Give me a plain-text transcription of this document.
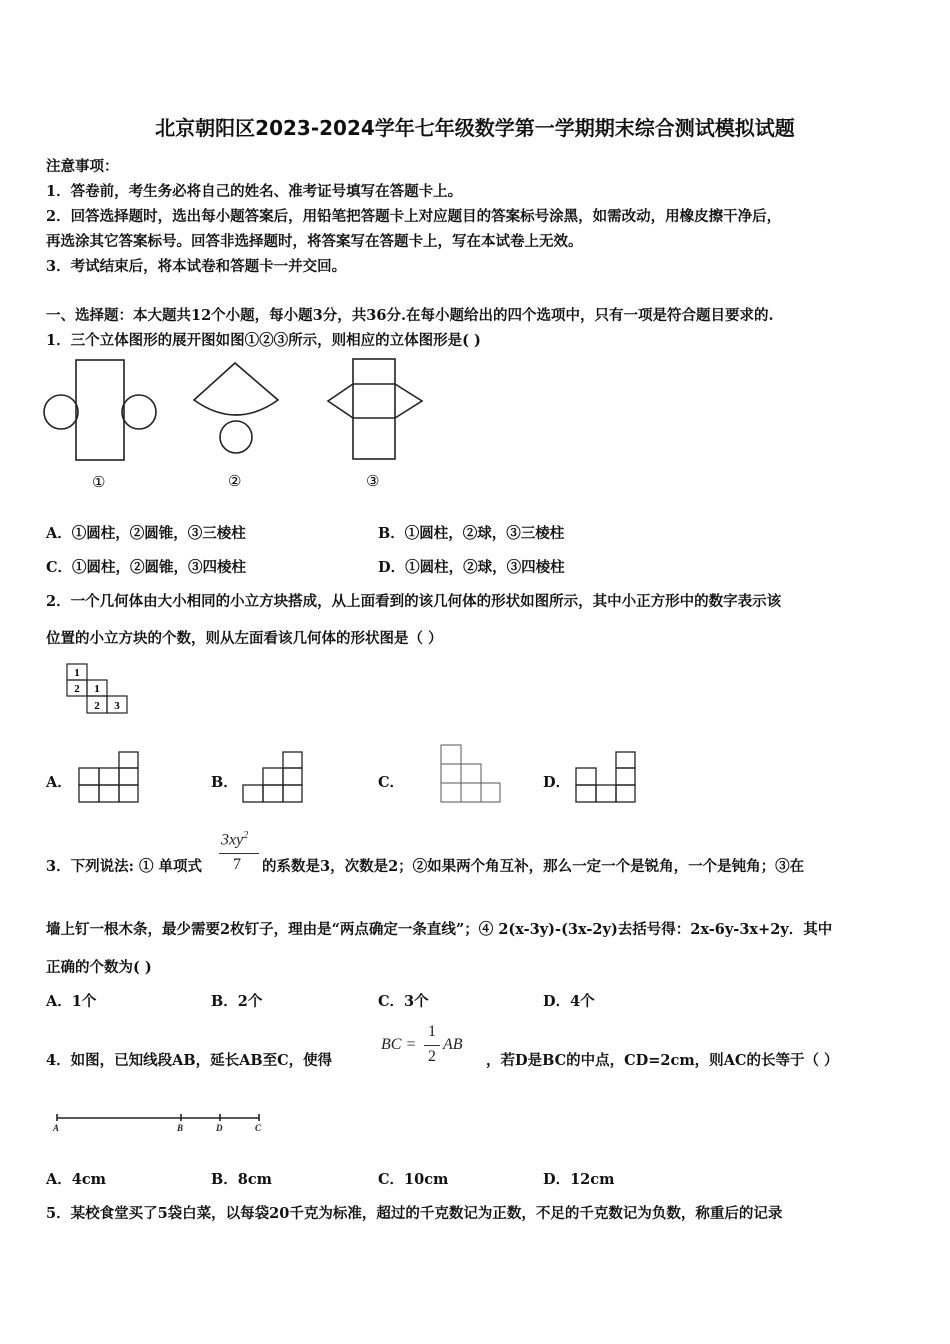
北京朝阳区2023-2024学年七年级数学第一学期期末综合测试模拟试题
注意事项：
1．答卷前，考生务必将自己的姓名、准考证号填写在答题卡上。
2．回答选择题时，选出每小题答案后，用铅笔把答题卡上对应题目的答案标号涂黑，如需改动，用橡皮擦干净后，
再选涂其它答案标号。回答非选择题时，将答案写在答题卡上，写在本试卷上无效。
3．考试结束后，将本试卷和答题卡一并交回。
一、选择题：本大题共12个小题，每小题3分，共36分.在每小题给出的四个选项中，只有一项是符合题目要求的.
1．三个立体图形的展开图如图①②③所示，则相应的立体图形是( )
①	②	③
A．①圆柱，②圆锥，③三棱柱	B．①圆柱，②球，③三棱柱
C．①圆柱，②圆锥，③四棱柱	D．①圆柱，②球，③四棱柱
2．一个几何体由大小相同的小立方块搭成，从上面看到的该几何体的形状如图所示，其中小正方形中的数字表示该
位置的小立方块的个数，则从左面看该几何体的形状图是（ ）
1
2 1
2 3
A．	B．	C．	D．
3．下列说法: ① 单项式
$3xy^2$
7 的系数是3，次数是2；②如果两个角互补，那么一定一个是锐角，一个是钝角；③在
墙上钉一根木条，最少需要2枚钉子，理由是“两点确定一条直线”；④ 2(x-3y)-(3x-2y)去括号得：2x-6y-3x+2y．其中
正确的个数为( )
A．1个	B．2个	C．3个	D．4个
4．如图，已知线段AB，延长AB至C，使得
BC =
1
2
AB
，若D是BC的中点，CD=2cm，则AC的长等于（ ）
A	B	D	C
A．4cm	B．8cm	C．10cm	D．12cm
5．某校食堂买了5袋白菜，以每袋20千克为标准，超过的千克数记为正数，不足的千克数记为负数，称重后的记录
